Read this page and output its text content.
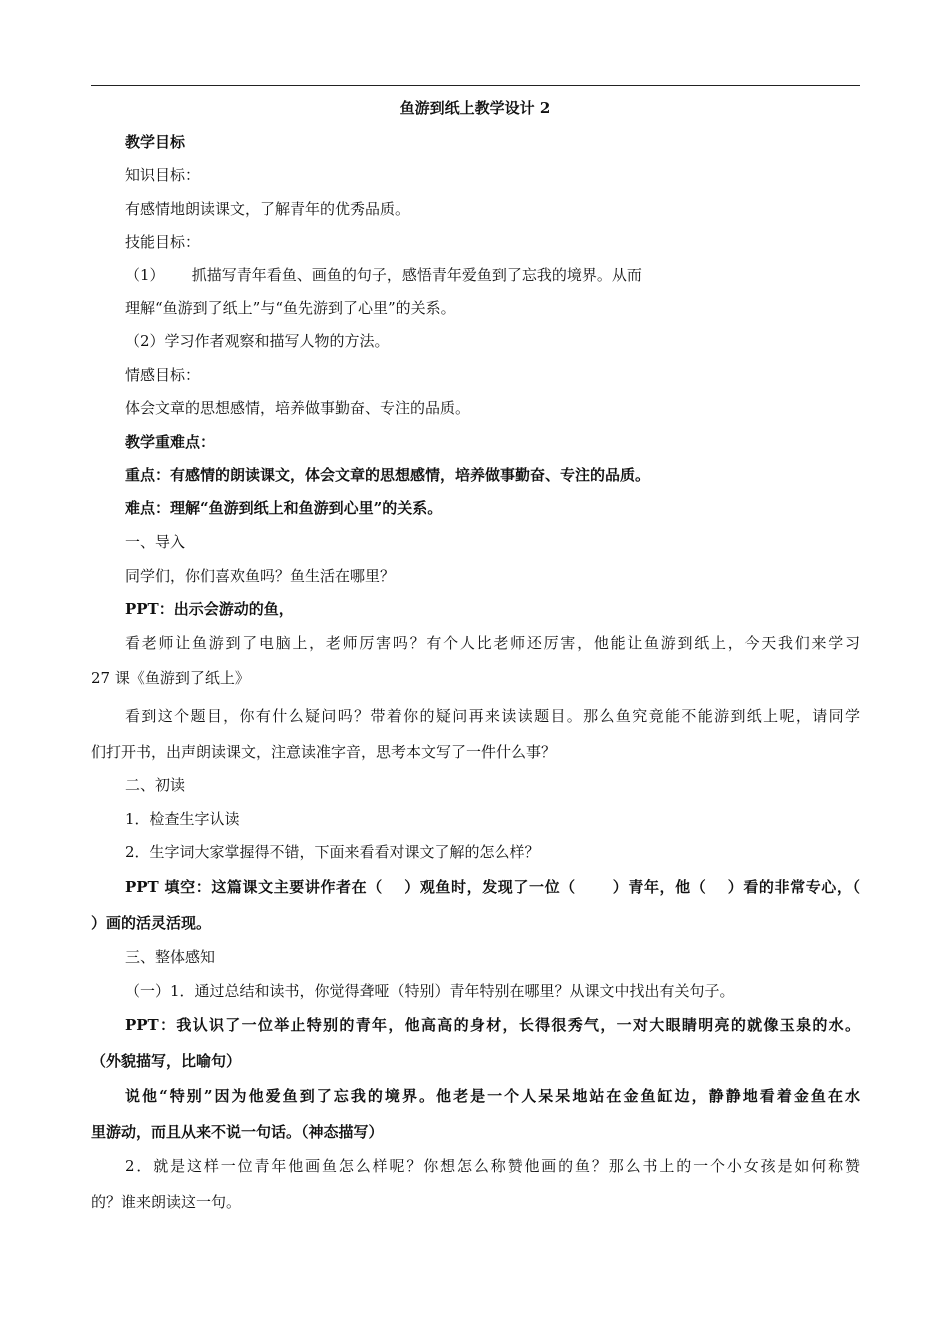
鱼游到纸上教学设计 2
教学目标
知识目标：
有感情地朗读课文，了解青年的优秀品质。
技能目标：
（1）　　 抓描写青年看鱼、画鱼的句子，感悟青年爱鱼到了忘我的境界。从而
理解“鱼游到了纸上”与“鱼先游到了心里”的关系。
（2）学习作者观察和描写人物的方法。
情感目标：
体会文章的思想感情，培养做事勤奋、专注的品质。
教学重难点：
重点：有感情的朗读课文，体会文章的思想感情，培养做事勤奋、专注的品质。
难点：理解“鱼游到纸上和鱼游到心里”的关系。
一、导入
同学们，你们喜欢鱼吗？鱼生活在哪里？
PPT：出示会游动的鱼，
看老师让鱼游到了电脑上，老师厉害吗？有个人比老师还厉害，他能让鱼游到纸上，今天我们来学习
27 课《鱼游到了纸上》
看到这个题目，你有什么疑问吗？带着你的疑问再来读读题目。那么鱼究竟能不能游到纸上呢，请同学
们打开书，出声朗读课文，注意读准字音，思考本文写了一件什么事？
二、初读
1．检查生字认读
2．生字词大家掌握得不错，下面来看看对课文了解的怎么样？
PPT 填空：这篇课文主要讲作者在（　 ）观鱼时，发现了一位（　　 ）青年，他（　 ）看的非常专心，（
）画的活灵活现。
三、整体感知
（一）1．通过总结和读书，你觉得聋哑（特别）青年特别在哪里？从课文中找出有关句子。
PPT：我认识了一位举止特别的青年，他高高的身材，长得很秀气，一对大眼睛明亮的就像玉泉的水。
（外貌描写，比喻句）
说他“特别”因为他爱鱼到了忘我的境界。他老是一个人呆呆地站在金鱼缸边，静静地看着金鱼在水
里游动，而且从来不说一句话。（神态描写）
2．就是这样一位青年他画鱼怎么样呢？你想怎么称赞他画的鱼？那么书上的一个小女孩是如何称赞
的？谁来朗读这一句。
